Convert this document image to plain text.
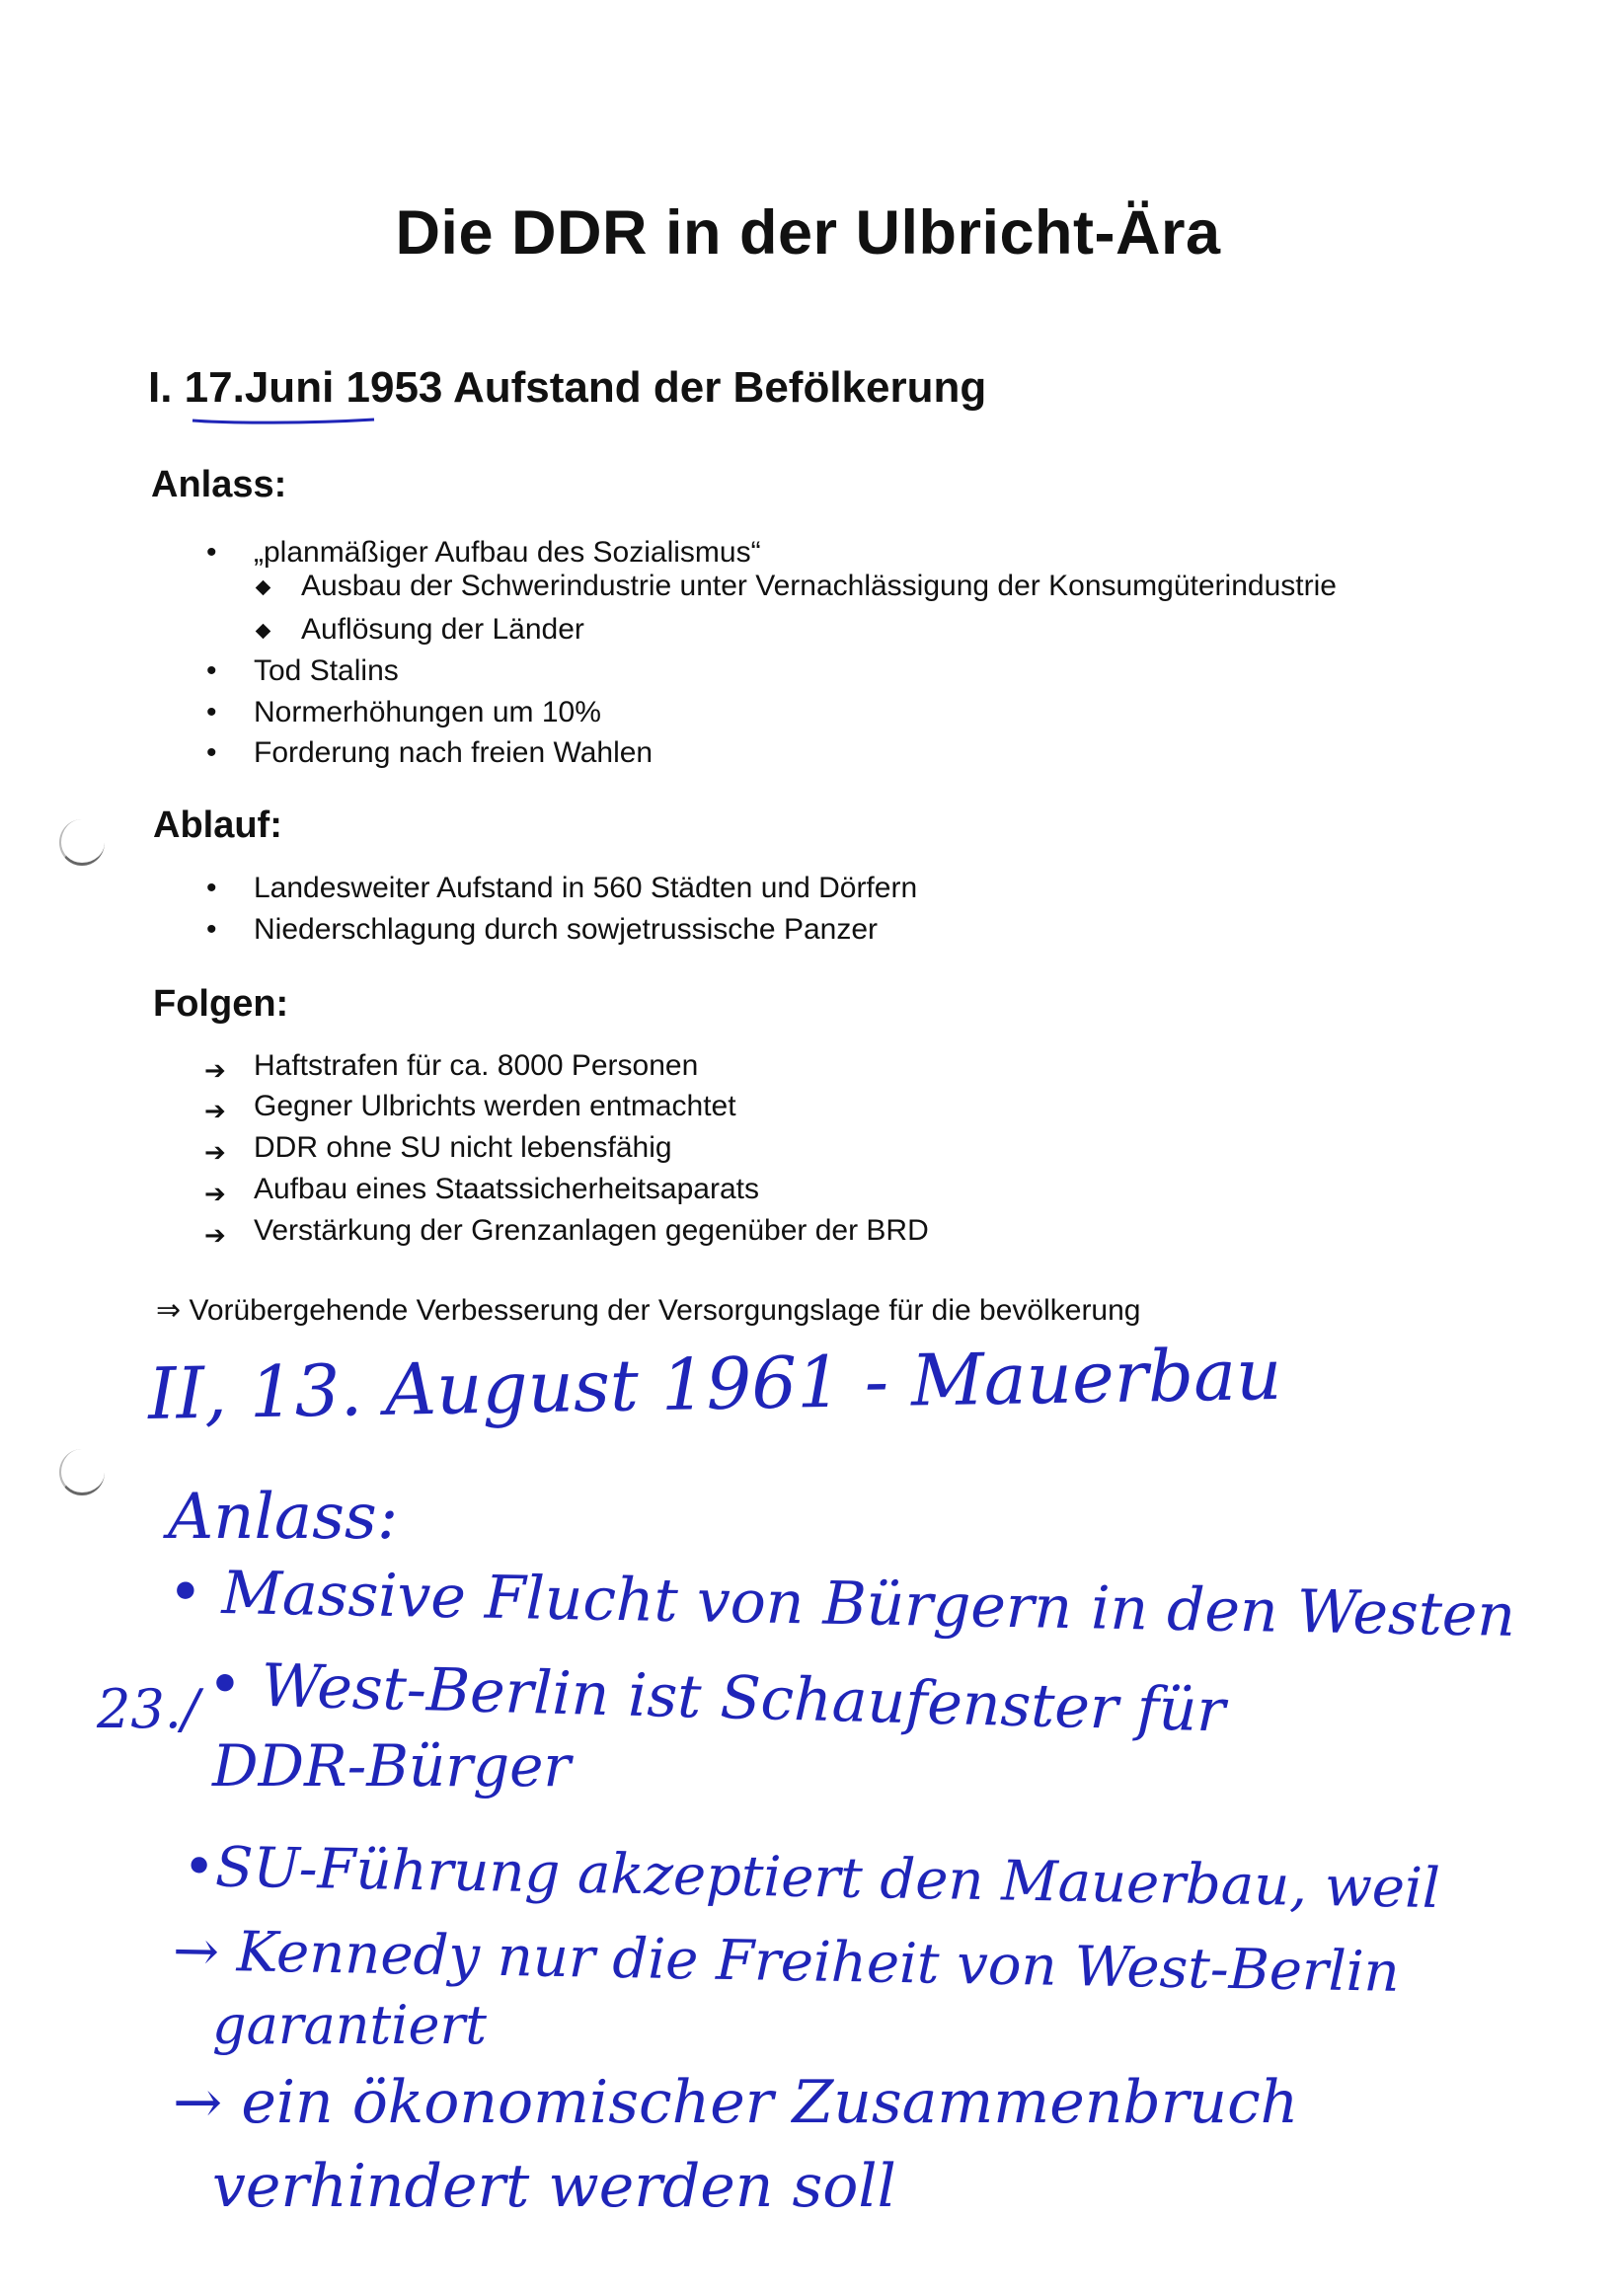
Die DDR in der Ulbricht-Ära
I. 17.Juni 1953 Aufstand der Befölkerung
Anlass:
• „planmäßiger Aufbau des Sozialismus“
Ausbau der Schwerindustrie unter Vernachlässigung der Konsumgüterindustrie
Auflösung der Länder
• Tod Stalins
• Normerhöhungen um 10%
• Forderung nach freien Wahlen
Ablauf:
• Landesweiter Aufstand in 560 Städten und Dörfern
• Niederschlagung durch sowjetrussische Panzer
Folgen:
➔ Haftstrafen für ca. 8000 Personen
➔ Gegner Ulbrichts werden entmachtet
➔ DDR ohne SU nicht lebensfähig
➔ Aufbau eines Staatssicherheitsaparats
➔ Verstärkung der Grenzanlagen gegenüber der BRD
⇒ Vorübergehende Verbesserung der Versorgungslage für die bevölkerung
II, 13. August 1961 - Mauerbau
Anlass:
• Massive Flucht von Bürgern in den Westen
23./ • West-Berlin ist Schaufenster für
DDR-Bürger
•SU-Führung akzeptiert den Mauerbau, weil
→ Kennedy nur die Freiheit von West-Berlin
garantiert
→ ein ökonomischer Zusammenbruch
verhindert werden soll
